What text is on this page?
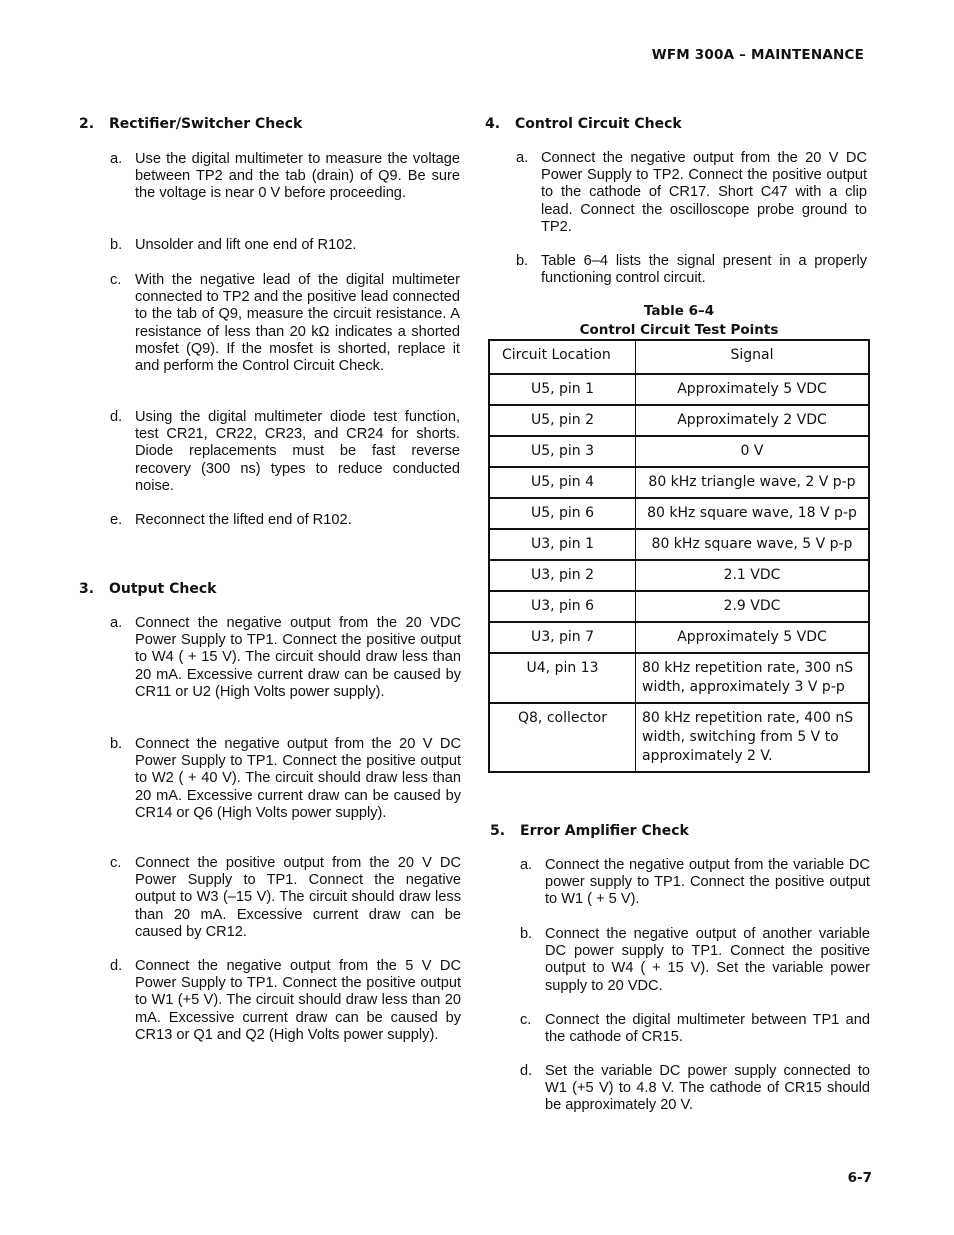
WFM 300A – MAINTENANCE
2. Rectifier/Switcher Check
a. Use the digital multimeter to measure the voltage between TP2 and the tab (drain) of Q9. Be sure the voltage is near 0 V before proceeding.
b. Unsolder and lift one end of R102.
c. With the negative lead of the digital multimeter connected to TP2 and the positive lead connected to the tab of Q9, measure the circuit resistance. A resistance of less than 20 kΩ indicates a shorted mosfet (Q9). If the mosfet is shorted, replace it and perform the Control Circuit Check.
d. Using the digital multimeter diode test function, test CR21, CR22, CR23, and CR24 for shorts. Diode replacements must be fast reverse recovery (300 ns) types to reduce conducted noise.
e. Reconnect the lifted end of R102.
3. Output Check
a. Connect the negative output from the 20 VDC Power Supply to TP1. Connect the positive output to W4 ( + 15 V). The circuit should draw less than 20 mA. Excessive current draw can be caused by CR11 or U2 (High Volts power supply).
b. Connect the negative output from the 20 V DC Power Supply to TP1. Connect the positive output to W2 ( + 40 V). The circuit should draw less than 20 mA. Excessive current draw can be caused by CR14 or Q6 (High Volts power supply).
c. Connect the positive output from the 20 V DC Power Supply to TP1. Connect the negative output to W3 (–15 V). The circuit should draw less than 20 mA. Excessive current draw can be caused by CR12.
d. Connect the negative output from the 5 V DC Power Supply to TP1. Connect the positive output to W1 (+5 V). The circuit should draw less than 20 mA. Excessive current draw can be caused by CR13 or Q1 and Q2 (High Volts power supply).
4. Control Circuit Check
a. Connect the negative output from the 20 V DC Power Supply to TP2. Connect the positive output to the cathode of CR17. Short C47 with a clip lead. Connect the oscilloscope probe ground to TP2.
b. Table 6–4 lists the signal present in a properly functioning control circuit.
Table 6–4
Control Circuit Test Points
Circuit Location	Signal
U5, pin 1	Approximately 5 VDC
U5, pin 2	Approximately 2 VDC
U5, pin 3	0 V
U5, pin 4	80 kHz triangle wave, 2 V p-p
U5, pin 6	80 kHz square wave, 18 V p-p
U3, pin 1	80 kHz square wave, 5 V p-p
U3, pin 2	2.1 VDC
U3, pin 6	2.9 VDC
U3, pin 7	Approximately 5 VDC
U4, pin 13	80 kHz repetition rate, 300 nS width, approximately 3 V p-p
Q8, collector	80 kHz repetition rate, 400 nS width, switching from 5 V to approximately 2 V.
5. Error Amplifier Check
a. Connect the negative output from the variable DC power supply to TP1. Connect the positive output to W1 ( + 5 V).
b. Connect the negative output of another variable DC power supply to TP1. Connect the positive output to W4 ( + 15 V). Set the variable power supply to 20 VDC.
c. Connect the digital multimeter between TP1 and the cathode of CR15.
d. Set the variable DC power supply connected to W1 (+5 V) to 4.8 V. The cathode of CR15 should be approximately 20 V.
6-7
